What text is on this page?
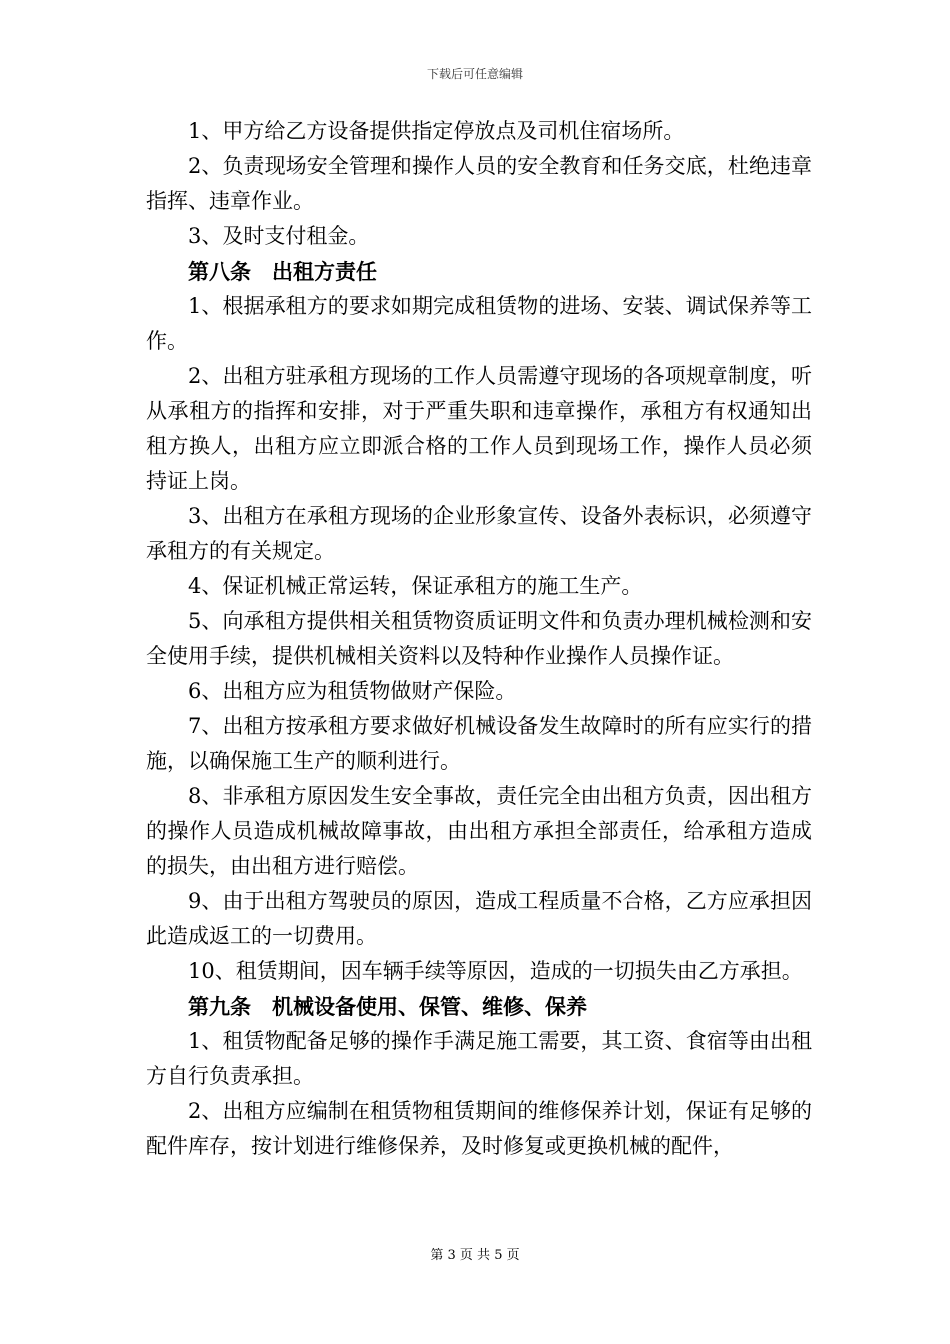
下载后可任意编辑

1、甲方给乙方设备提供指定停放点及司机住宿场所。

2、负责现场安全管理和操作人员的安全教育和任务交底，杜绝违章指挥、违章作业。

3、及时支付租金。

第八条　出租方责任

1、根据承租方的要求如期完成租赁物的进场、安装、调试保养等工作。

2、出租方驻承租方现场的工作人员需遵守现场的各项规章制度，听从承租方的指挥和安排，对于严重失职和违章操作，承租方有权通知出租方换人，出租方应立即派合格的工作人员到现场工作，操作人员必须持证上岗。

3、出租方在承租方现场的企业形象宣传、设备外表标识，必须遵守承租方的有关规定。

4、保证机械正常运转，保证承租方的施工生产。

5、向承租方提供相关租赁物资质证明文件和负责办理机械检测和安全使用手续，提供机械相关资料以及特种作业操作人员操作证。

6、出租方应为租赁物做财产保险。

7、出租方按承租方要求做好机械设备发生故障时的所有应实行的措施，以确保施工生产的顺利进行。

8、非承租方原因发生安全事故，责任完全由出租方负责，因出租方的操作人员造成机械故障事故，由出租方承担全部责任，给承租方造成的损失，由出租方进行赔偿。

9、由于出租方驾驶员的原因，造成工程质量不合格，乙方应承担因此造成返工的一切费用。

10、租赁期间，因车辆手续等原因，造成的一切损失由乙方承担。

第九条　机械设备使用、保管、维修、保养

1、租赁物配备足够的操作手满足施工需要，其工资、食宿等由出租方自行负责承担。

2、出租方应编制在租赁物租赁期间的维修保养计划，保证有足够的配件库存，按计划进行维修保养，及时修复或更换机械的配件，

第 3 页 共 5 页
